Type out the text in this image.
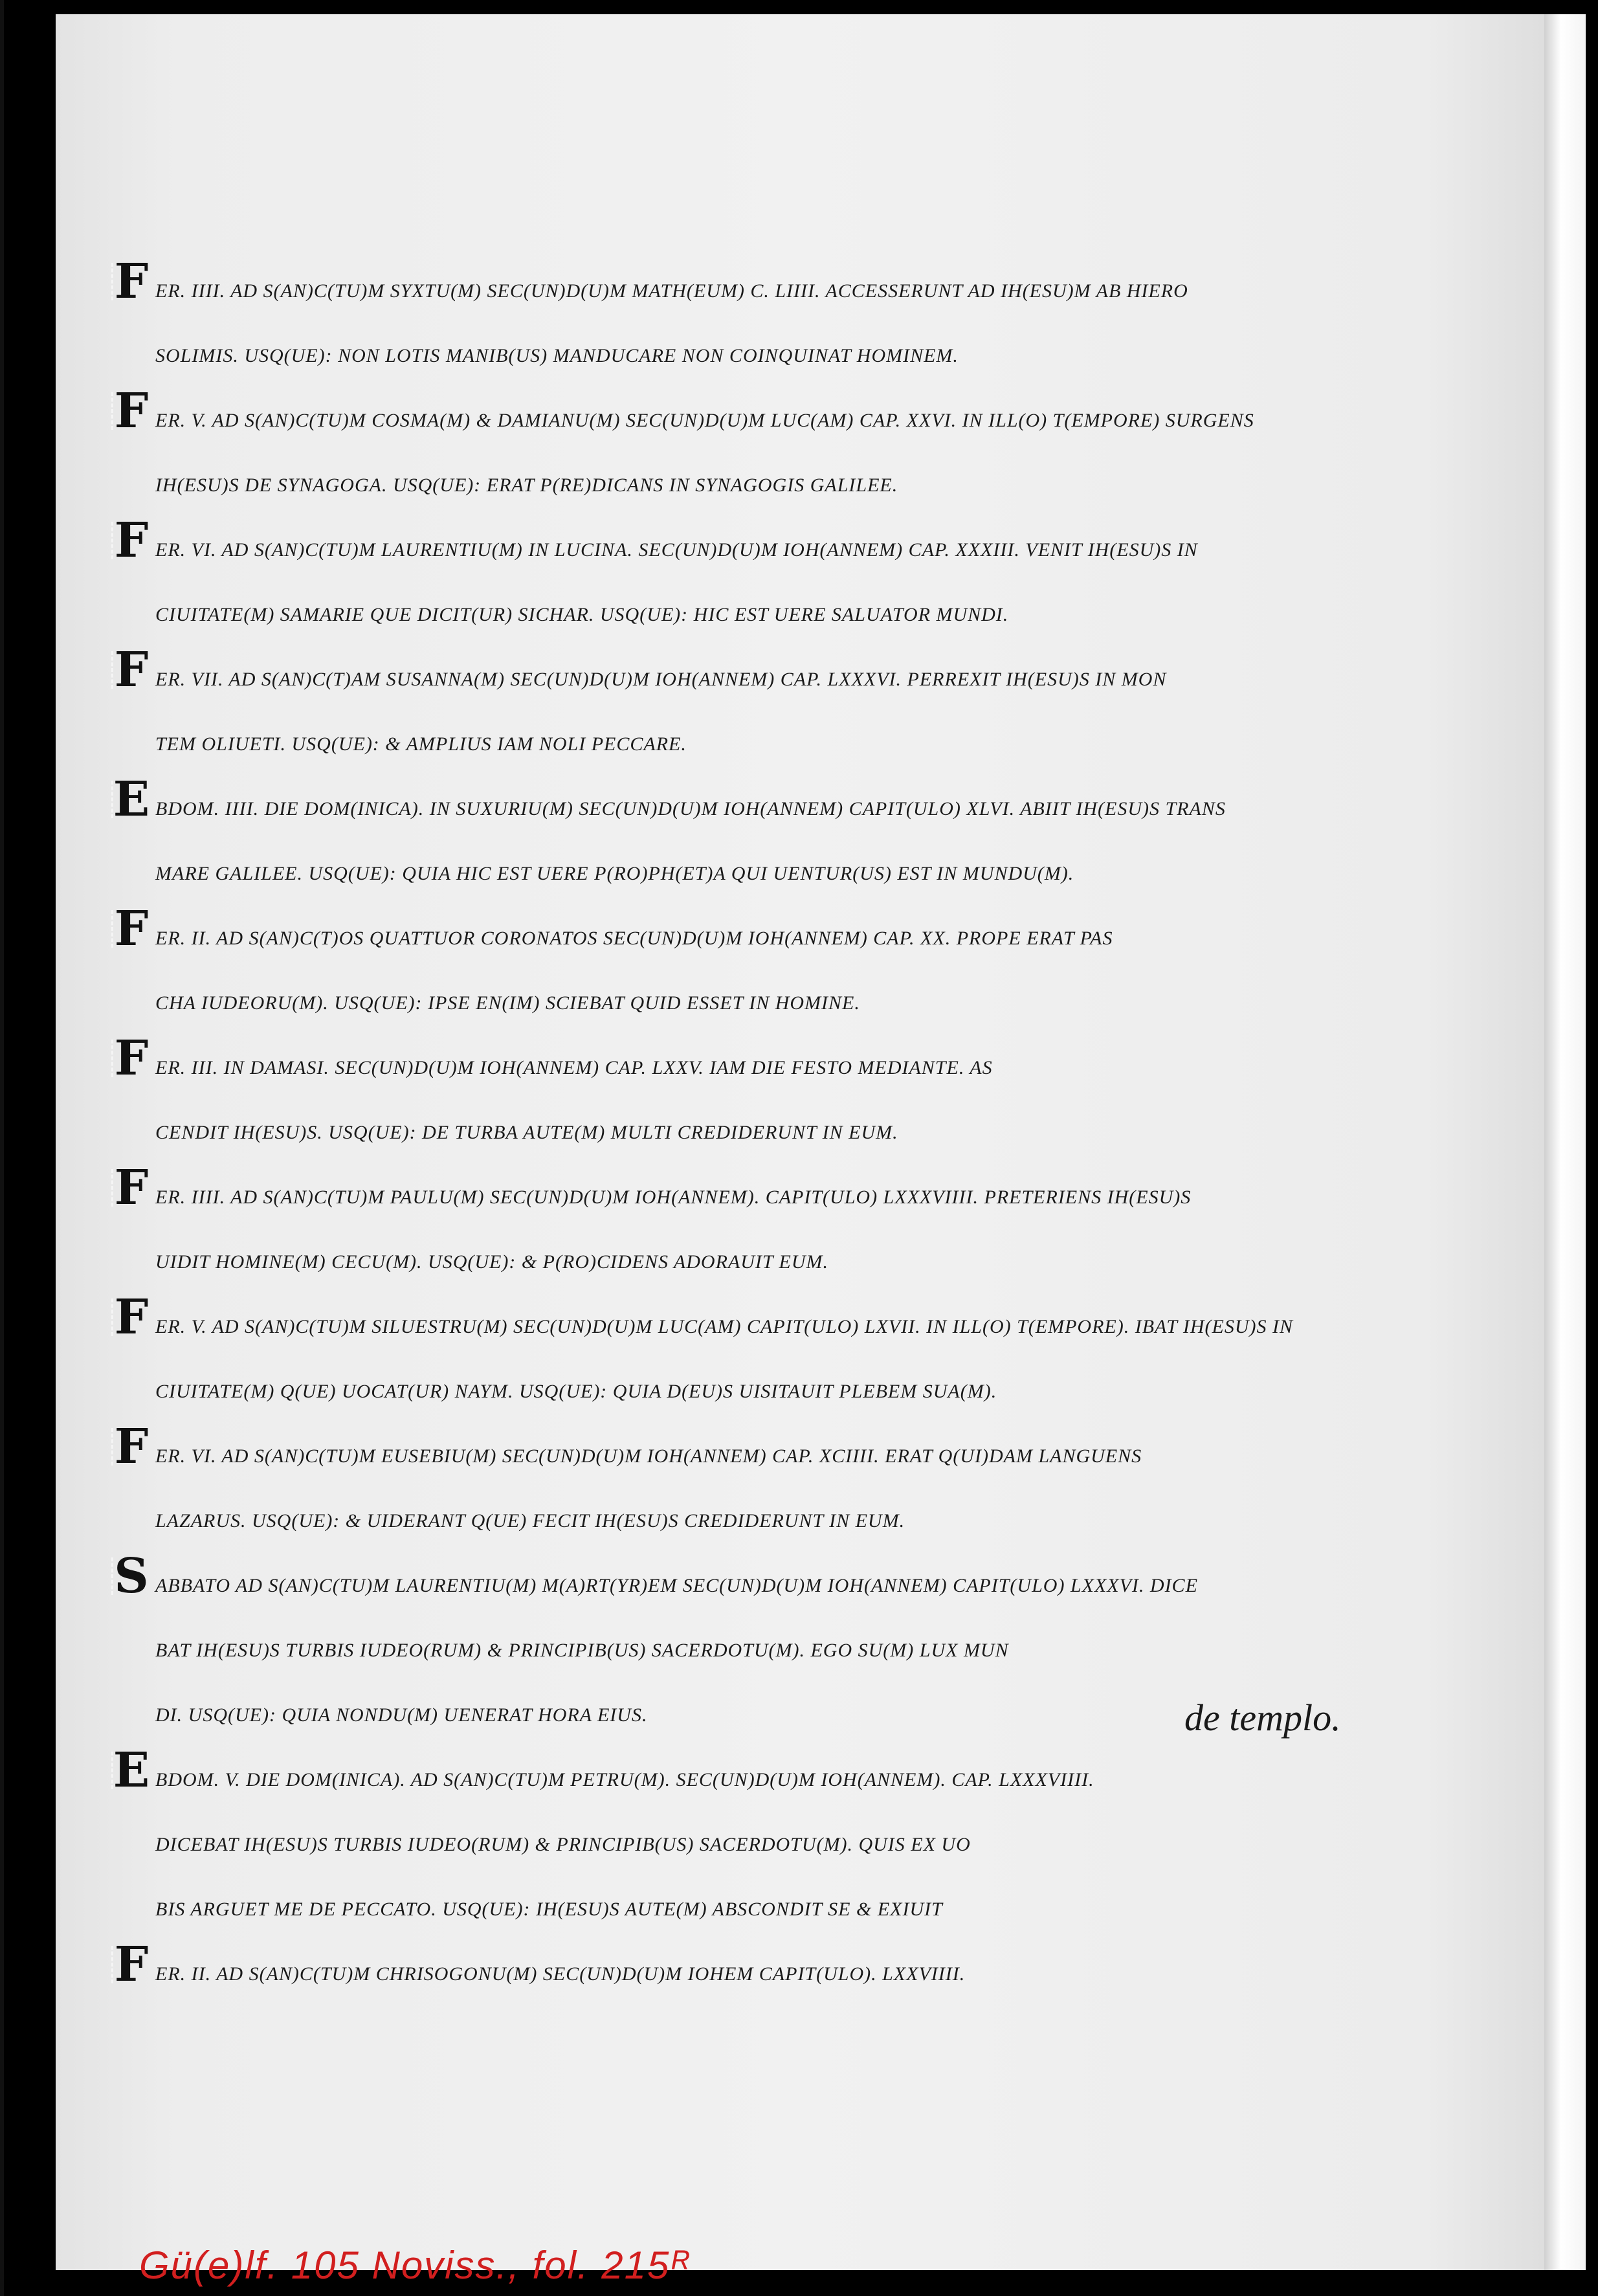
F ER. IIII. AD S(AN)C(TU)M SYXTU(M) SEC(UN)D(U)M MATH(EUM) C. LIIII. ACCESSERUNT AD IH(ESU)M AB HIERO
SOLIMIS. USQ(UE): NON LOTIS MANIB(US) MANDUCARE NON COINQUINAT HOMINEM.
F ER. V. AD S(AN)C(TU)M COSMA(M) & DAMIANU(M) SEC(UN)D(U)M LUC(AM) CAP. XXVI. IN ILL(O) T(EMPORE) SURGENS
IH(ESU)S DE SYNAGOGA. USQ(UE): ERAT P(RE)DICANS IN SYNAGOGIS GALILEE.
F ER. VI. AD S(AN)C(TU)M LAURENTIU(M) IN LUCINA. SEC(UN)D(U)M IOH(ANNEM) CAP. XXXIII. VENIT IH(ESU)S IN
CIUITATE(M) SAMARIE QUE DICIT(UR) SICHAR. USQ(UE): HIC EST UERE SALUATOR MUNDI.
F ER. VII. AD S(AN)C(T)AM SUSANNA(M) SEC(UN)D(U)M IOH(ANNEM) CAP. LXXXVI. PERREXIT IH(ESU)S IN MON
TEM OLIUETI. USQ(UE): & AMPLIUS IAM NOLI PECCARE.
E BDOM. IIII. DIE DOM(INICA). IN SUXURIU(M) SEC(UN)D(U)M IOH(ANNEM) CAPIT(ULO) XLVI. ABIIT IH(ESU)S TRANS
MARE GALILEE. USQ(UE): QUIA HIC EST UERE P(RO)PH(ET)A QUI UENTUR(US) EST IN MUNDU(M).
F ER. II. AD S(AN)C(T)OS QUATTUOR CORONATOS SEC(UN)D(U)M IOH(ANNEM) CAP. XX. PROPE ERAT PAS
CHA IUDEORU(M). USQ(UE): IPSE EN(IM) SCIEBAT QUID ESSET IN HOMINE.
F ER. III. IN DAMASI. SEC(UN)D(U)M IOH(ANNEM) CAP. LXXV. IAM DIE FESTO MEDIANTE. AS
CENDIT IH(ESU)S. USQ(UE): DE TURBA AUTE(M) MULTI CREDIDERUNT IN EUM.
F ER. IIII. AD S(AN)C(TU)M PAULU(M) SEC(UN)D(U)M IOH(ANNEM). CAPIT(ULO) LXXXVIIII. PRETERIENS IH(ESU)S
UIDIT HOMINE(M) CECU(M). USQ(UE): & P(RO)CIDENS ADORAUIT EUM.
F ER. V. AD S(AN)C(TU)M SILUESTRU(M) SEC(UN)D(U)M LUC(AM) CAPIT(ULO) LXVII. IN ILL(O) T(EMPORE). IBAT IH(ESU)S IN
CIUITATE(M) Q(UE) UOCAT(UR) NAYM. USQ(UE): QUIA D(EU)S UISITAUIT PLEBEM SUA(M).
F ER. VI. AD S(AN)C(TU)M EUSEBIU(M) SEC(UN)D(U)M IOH(ANNEM) CAP. XCIIII. ERAT Q(UI)DAM LANGUENS
LAZARUS. USQ(UE): & UIDERANT Q(UE) FECIT IH(ESU)S CREDIDERUNT IN EUM.
S ABBATO AD S(AN)C(TU)M LAURENTIU(M) M(A)RT(YR)EM SEC(UN)D(U)M IOH(ANNEM) CAPIT(ULO) LXXXVI. DICE
BAT IH(ESU)S TURBIS IUDEO(RUM) & PRINCIPIB(US) SACERDOTU(M). EGO SU(M) LUX MUN
DI. USQ(UE): QUIA NONDU(M) UENERAT HORA EIUS.
E BDOM. V. DIE DOM(INICA). AD S(AN)C(TU)M PETRU(M). SEC(UN)D(U)M IOH(ANNEM). CAP. LXXXVIIII.
DICEBAT IH(ESU)S TURBIS IUDEO(RUM) & PRINCIPIB(US) SACERDOTU(M). QUIS EX UO
BIS ARGUET ME DE PECCATO. USQ(UE): IH(ESU)S AUTE(M) ABSCONDIT SE & EXIUIT
F ER. II. AD S(AN)C(TU)M CHRISOGONU(M) SEC(UN)D(U)M IOHEM CAPIT(ULO). LXXVIIII.
de templo.
Gü(e)lf. 105 Noviss., fol. 215ᴿ
